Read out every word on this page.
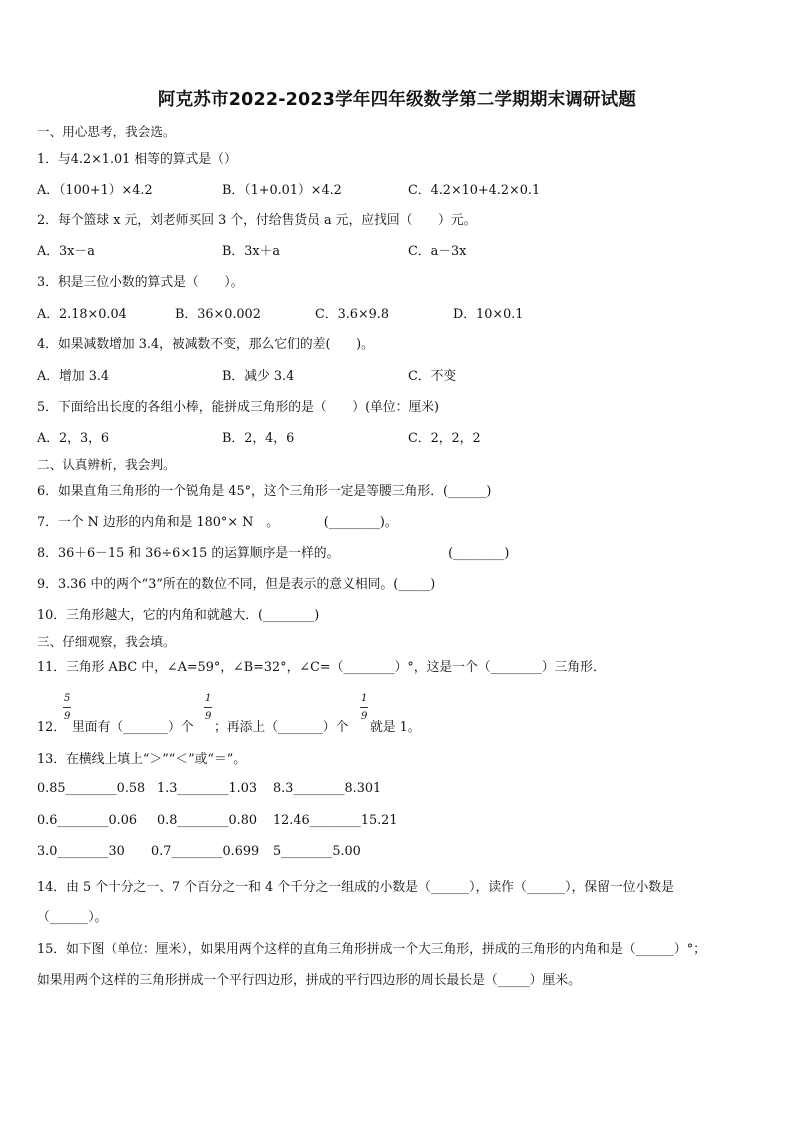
阿克苏市2022-2023学年四年级数学第二学期期末调研试题
一、用心思考，我会选。
1．与4.2×1.01 相等的算式是（）
A．（100+1）×4.2	B．（1+0.01）×4.2	C．4.2×10+4.2×0.1
2．每个篮球 x 元，刘老师买回 3 个，付给售货员 a 元，应找回（　　）元。
A．3x－a	B．3x＋a	C．a－3x
3．积是三位小数的算式是（　　）。
A．2.18×0.04	B．36×0.002	C．3.6×9.8	D．10×0.1
4．如果减数增加 3.4，被减数不变，那么它们的差(　　)。
A．增加 3.4	B．减少 3.4	C．不变
5．下面给出长度的各组小棒，能拼成三角形的是（　　）(单位：厘米)
A．2，3，6	B．2，4，6	C．2，2，2
二、认真辨析，我会判。
6．如果直角三角形的一个锐角是 45°，这个三角形一定是等腰三角形．(______)
7．一个 N 边形的内角和是 180°× N　。　　　　(________)。
8．36＋6－15 和 36÷6×15 的运算顺序是一样的。　　　　　　　　　(________)
9．3.36 中的两个“3”所在的数位不同，但是表示的意义相同。(_____)
10．三角形越大，它的内角和就越大．(________)
三、仔细观察，我会填。
11．三角形 ABC 中，∠A=59°，∠B=32°，∠C=（________）°，这是一个（________）三角形．
12．
5
9
里面有（_______）个
1
9
；再添上（_______）个
1
9
就是 1。
13．在横线上填上“＞”“＜”或“＝”。
0.85________0.58 1.3________1.03 8.3________8.301
0.6________0.06 0.8________0.80 12.46________15.21
3.0________30 0.7________0.699 5________5.00
14．由 5 个十分之一、7 个百分之一和 4 个千分之一组成的小数是（______），读作（______），保留一位小数是
（______）。
15．如下图（单位：厘米），如果用两个这样的直角三角形拼成一个大三角形，拼成的三角形的内角和是（______）°；
如果用两个这样的三角形拼成一个平行四边形，拼成的平行四边形的周长最长是（_____）厘米。
